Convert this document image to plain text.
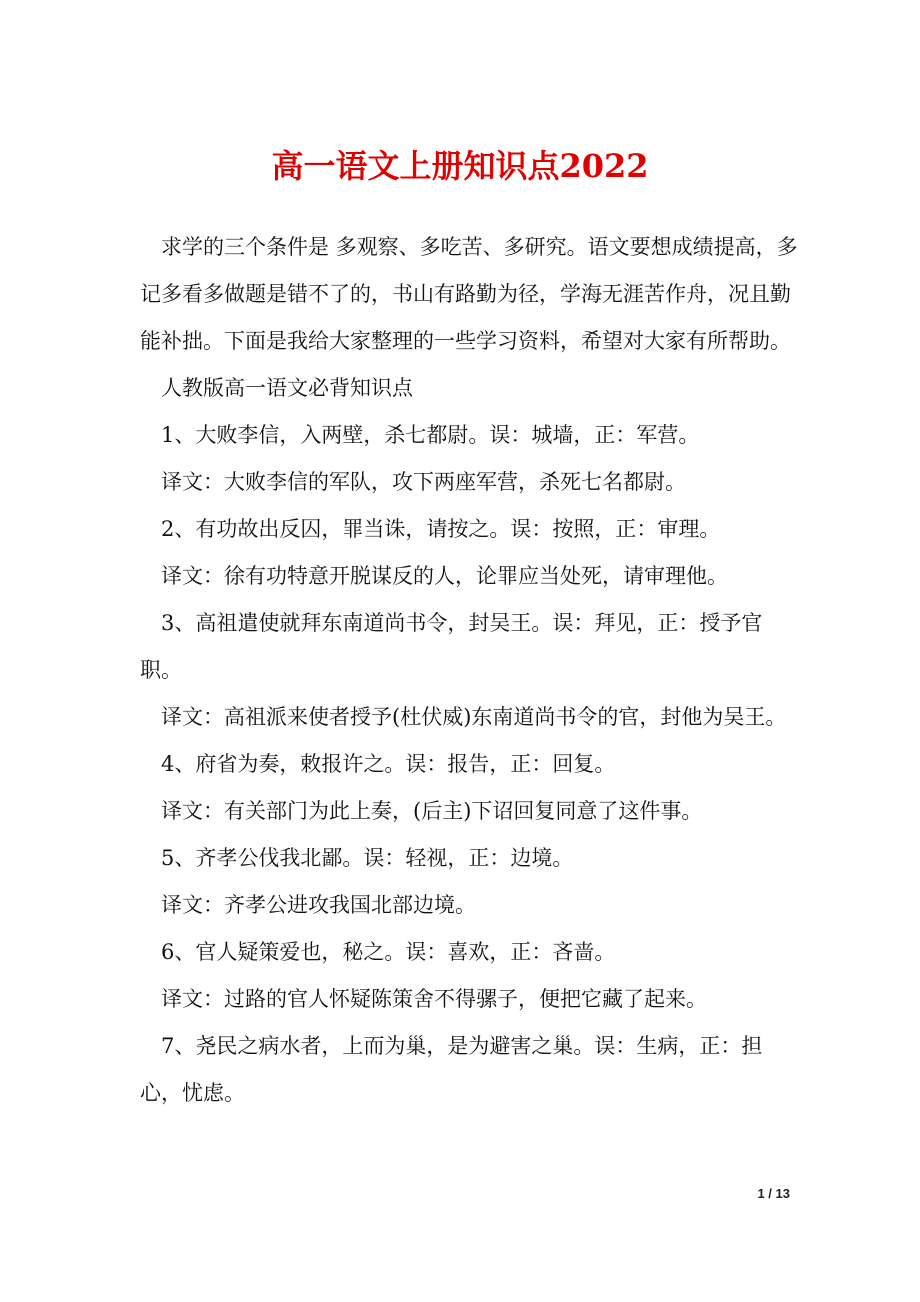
高一语文上册知识点2022

求学的三个条件是 多观察、多吃苦、多研究。语文要想成绩提高，多记多看多做题是错不了的，书山有路勤为径，学海无涯苦作舟，况且勤能补拙。下面是我给大家整理的一些学习资料，希望对大家有所帮助。

人教版高一语文必背知识点

1、大败李信，入两壁，杀七都尉。误：城墙，正：军营。

译文：大败李信的军队，攻下两座军营，杀死七名都尉。

2、有功故出反囚，罪当诛，请按之。误：按照，正：审理。

译文：徐有功特意开脱谋反的人，论罪应当处死，请审理他。

3、高祖遣使就拜东南道尚书令，封吴王。误：拜见，正：授予官职。

译文：高祖派来使者授予(杜伏威)东南道尚书令的官，封他为吴王。

4、府省为奏，敕报许之。误：报告，正：回复。

译文：有关部门为此上奏，(后主)下诏回复同意了这件事。

5、齐孝公伐我北鄙。误：轻视，正：边境。

译文：齐孝公进攻我国北部边境。

6、官人疑策爱也，秘之。误：喜欢，正：吝啬。

译文：过路的官人怀疑陈策舍不得骡子，便把它藏了起来。

7、尧民之病水者，上而为巢，是为避害之巢。误：生病，正：担心，忧虑。

1 / 13
